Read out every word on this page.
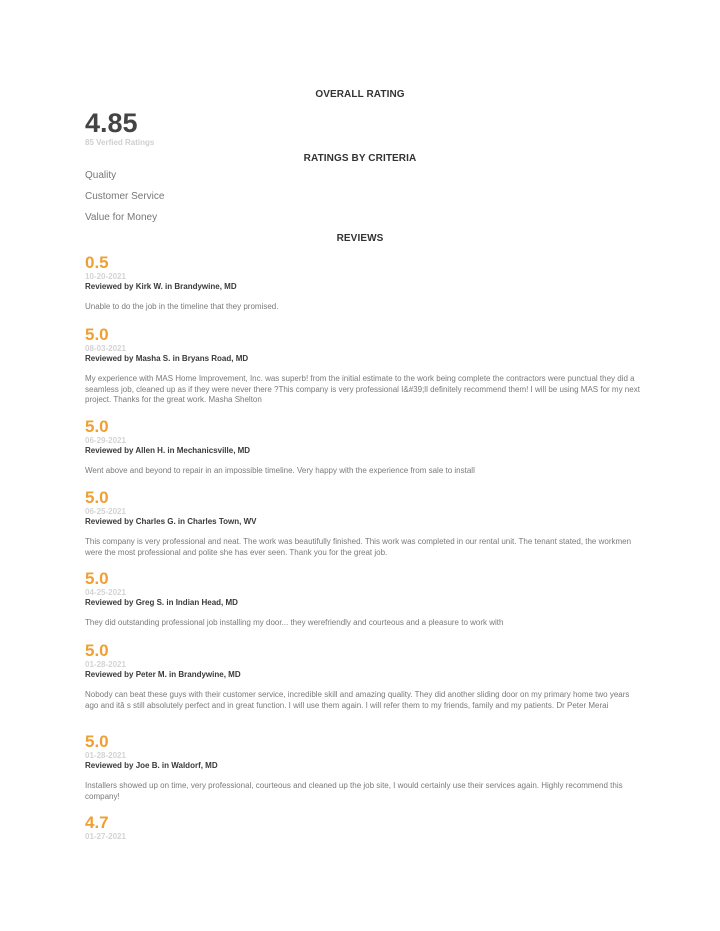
OVERALL RATING
4.85
85 Verfied Ratings
RATINGS BY CRITERIA
Quality
Customer Service
Value for Money
REVIEWS
0.5
10-20-2021
Reviewed by Kirk W. in Brandywine, MD
Unable to do the job in the timeline that they promised.
5.0
08-03-2021
Reviewed by Masha S. in Bryans Road, MD
My experience with MAS Home Improvement, Inc. was superb! from the initial estimate to the work being complete the contractors were punctual they did a seamless job, cleaned up as if they were never there ?This company is very professional I&#39;ll definitely recommend them! I will be using MAS for my next project. Thanks for the great work. Masha Shelton
5.0
06-29-2021
Reviewed by Allen H. in Mechanicsville, MD
Went above and beyond to repair in an impossible timeline. Very happy with the experience from sale to install
5.0
06-25-2021
Reviewed by Charles G. in Charles Town, WV
This company is very professional and neat. The work was beautifully finished. This work was completed in our rental unit. The tenant stated, the workmen were the most professional and polite she has ever seen. Thank you for the great job.
5.0
04-25-2021
Reviewed by Greg S. in Indian Head, MD
They did outstanding professional job installing my door... they werefriendly and courteous and a pleasure to work with
5.0
01-28-2021
Reviewed by Peter M. in Brandywine, MD
Nobody can beat these guys with their customer service, incredible skill and amazing quality. They did another sliding door on my primary home two years ago and itâ s still absolutely perfect and in great function. I will use them again. I will refer them to my friends, family and my patients. Dr Peter Merai
5.0
01-28-2021
Reviewed by Joe B. in Waldorf, MD
Installers showed up on time, very professional, courteous and cleaned up the job site, I would certainly use their services again. Highly recommend this company!
4.7
01-27-2021
